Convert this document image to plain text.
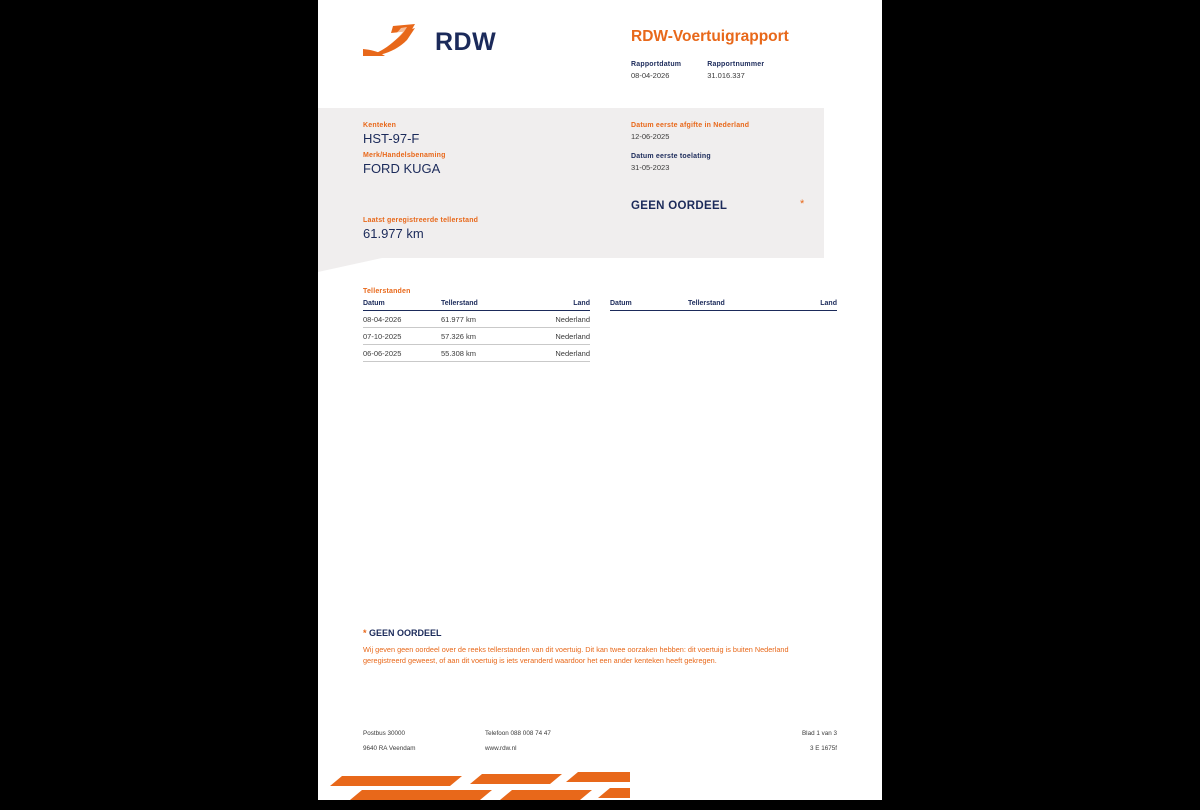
RDW	RDW-Voertuigrapport
Rapportdatum
08-04-2026
Rapportnummer
31.016.337
Kenteken
HST-97-F
Merk/Handelsbenaming
FORD KUGA
Laatst geregistreerde tellerstand
61.977 km
Datum eerste afgifte in Nederland
12-06-2025
Datum eerste toelating
31-05-2023
GEEN OORDEEL	*
Tellerstanden
Datum	Tellerstand	Land
08-04-2026	61.977 km	Nederland
07-10-2025	57.326 km	Nederland
06-06-2025	55.308 km	Nederland
Datum	Tellerstand	Land
* GEEN OORDEEL
Wij geven geen oordeel over de reeks tellerstanden van dit voertuig. Dit kan twee oorzaken hebben: dit voertuig is buiten Nederland geregistreerd geweest, of aan dit voertuig is iets veranderd waardoor het een ander kenteken heeft gekregen.
Postbus 30000	Telefoon 088 008 74 47	Blad 1 van 3
9640 RA Veendam	www.rdw.nl	3 E 1675f
